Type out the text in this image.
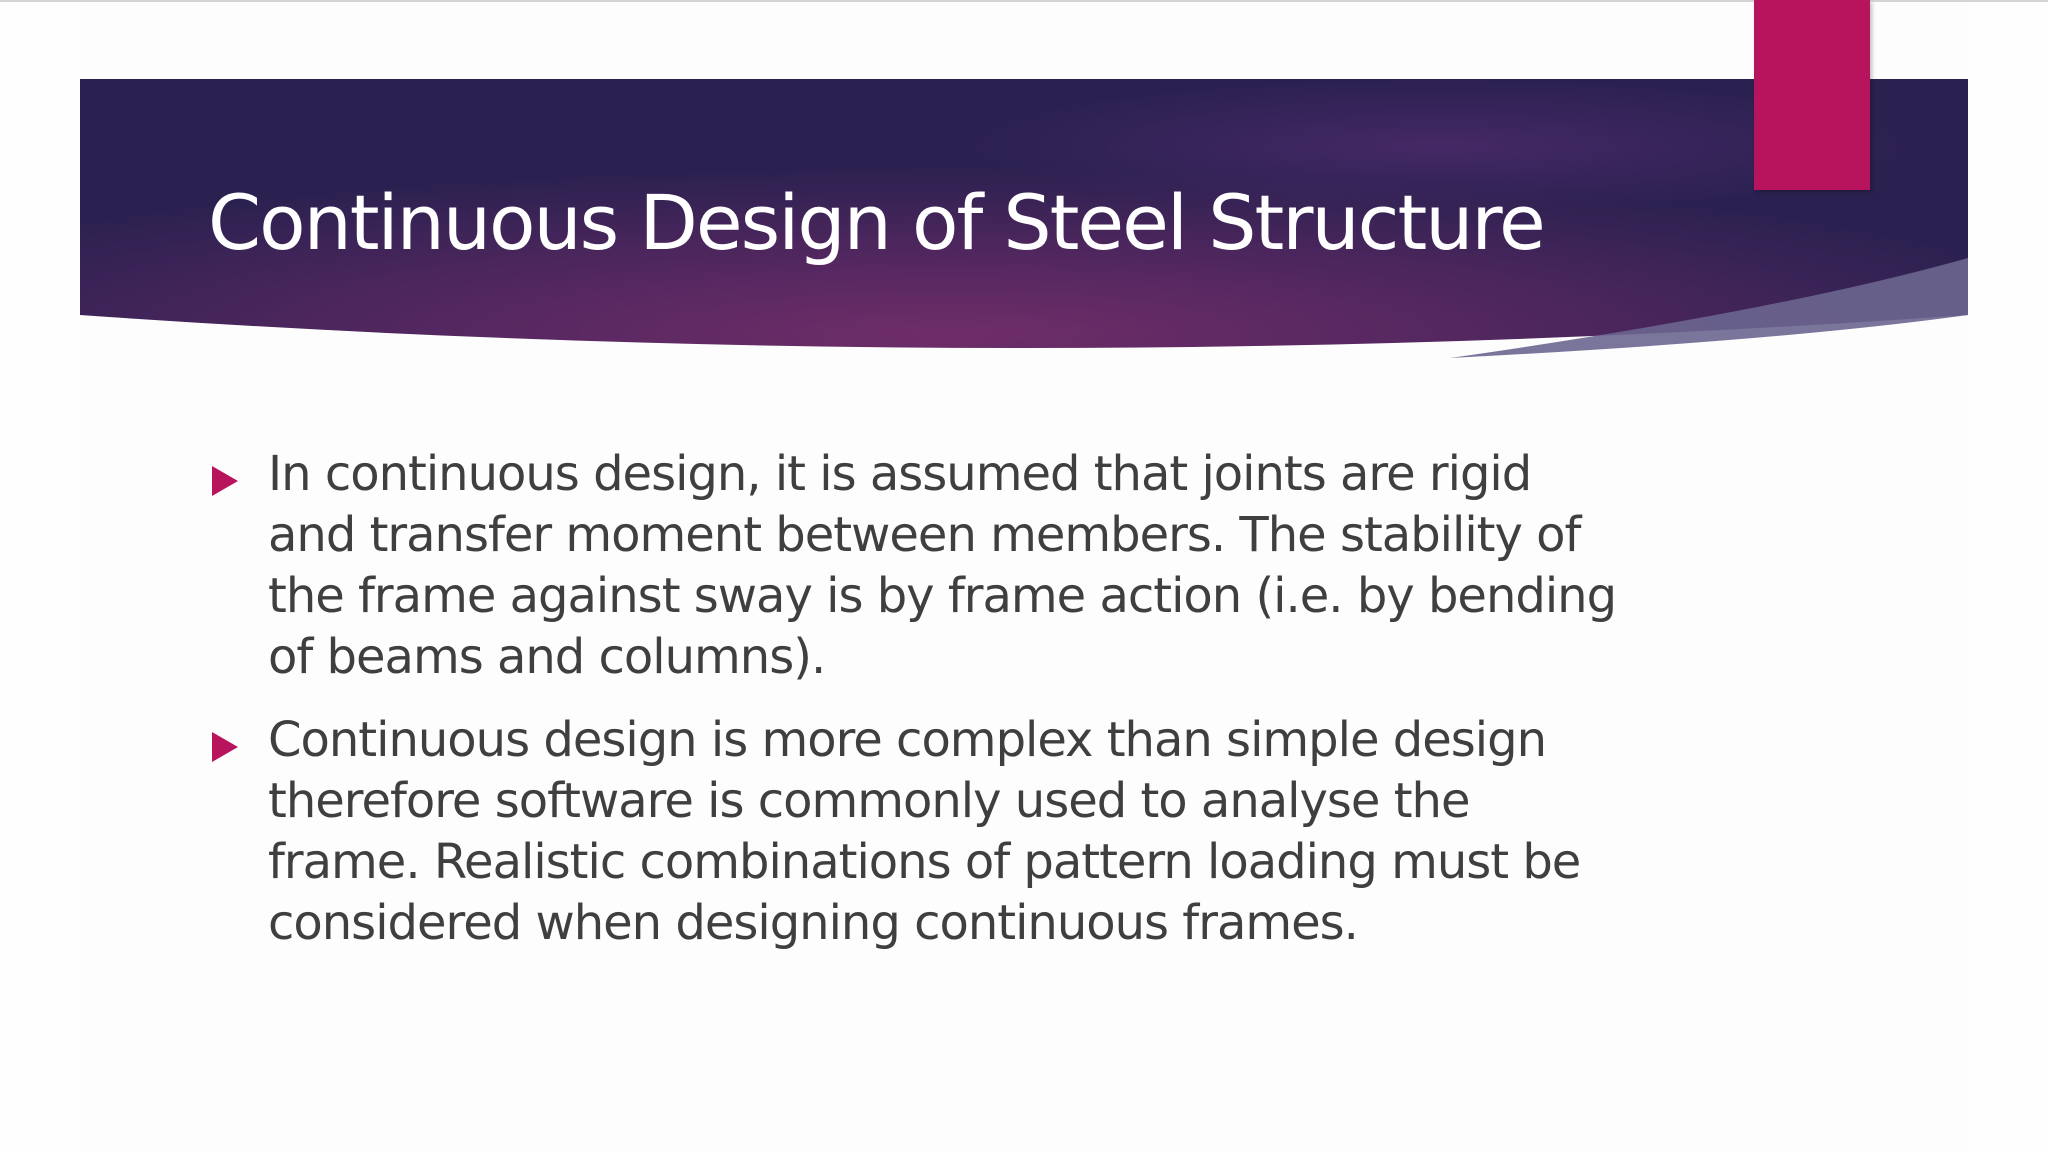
Continuous Design of Steel Structure
In continuous design, it is assumed that joints are rigid and transfer moment between members. The stability of the frame against sway is by frame action (i.e. by bending of beams and columns).
Continuous design is more complex than simple design therefore software is commonly used to analyse the frame. Realistic combinations of pattern loading must be considered when designing continuous frames.
